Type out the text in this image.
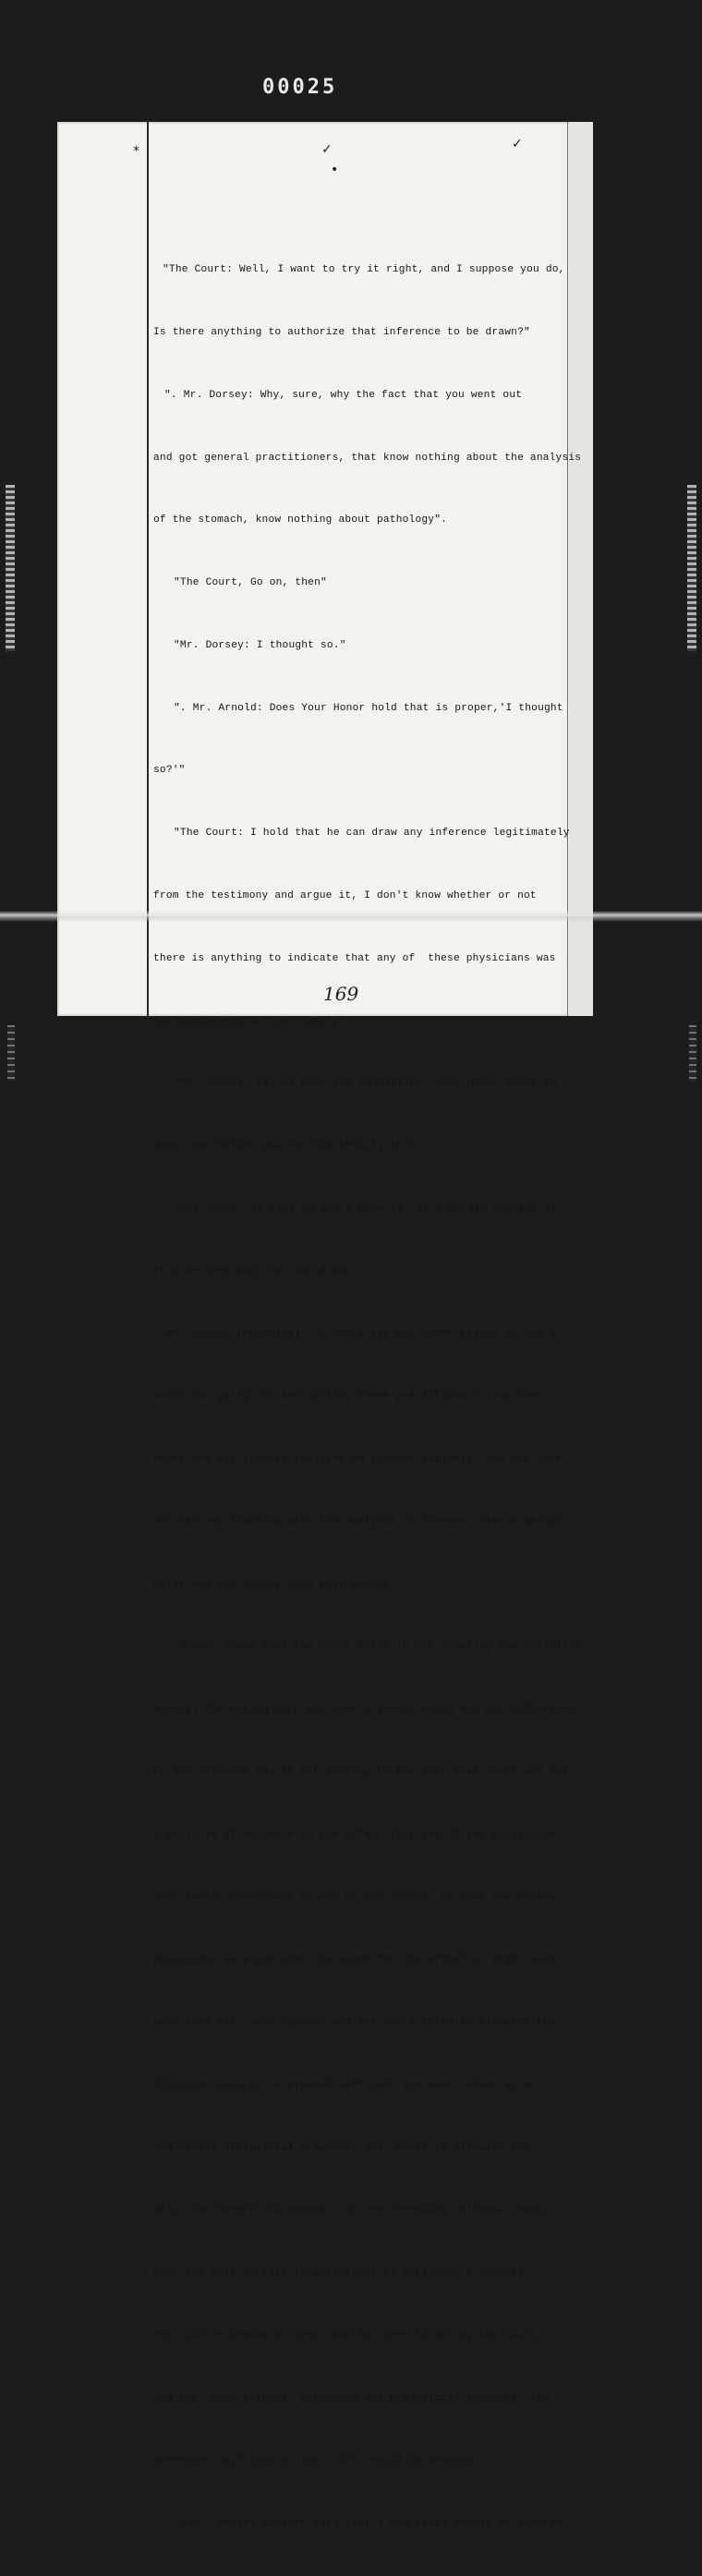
00025
*	✓
•
✓

"The Court: Well, I want to try it right, and I suppose you do,

Is there anything to authorize that inference to be drawn?"

". Mr. Dorsey: Why, sure, why the fact that you went out

and got general practitioners, that know nothing about the analysis

of the stomach, know nothing about pathology".

"The Court, Go on, then"

"Mr. Dorsey: I thought so."

". Mr. Arnold: Does Your Honor hold that is proper,'I thought

so?'"

"The Court: I hold that he can draw any inference legitimately

from the testimony and argue it, I don't know whether or not

there is anything to indicate that any of  these physicians was

the physicians of the  family".

"Mr. Rosser, Let me make the suggestion, Your Honor ought to

know that before you let him testify it."

"The Court: He says he don't know it, he's merely arguing it

from an inference he  has drawn."

Mr. Dorsey (resuming): "I can't see any other reason in God's

world for going out and getting these practitioners, who have

never had any special training on stomach analysis, and who have

not had any training with the analysis of tissues, like a pathol-

ogist has had,except upon that theory."

Movant shows that the Court erred in not rebuking the Solicitor

General for making such improper argument which was not authorized

by the evidence and in not stating to the jury that there was not

a particle of evidence to the effect that any of the physicians

were family physicians of any of the jurors, or that any of the

physicians were put upon the stand for the effect it might have

upon them for  such reason; and the Court erred in allowing the

Solicitor General to proceed with such improper, unwarranted

and highly prejudicial argument, and  erred in allowing the

Solicitor General to comment, as the foregoing colloquy shows,

upon the well merited interruptions by defendant's counsel,

for such erroneous actions, and failures to act by the Court,

and for  such illegal, unfounded and prejudicial argument, the

defendant says that a  new trial should be granted.

102.  Movant further says that a new trial should be granted

169
